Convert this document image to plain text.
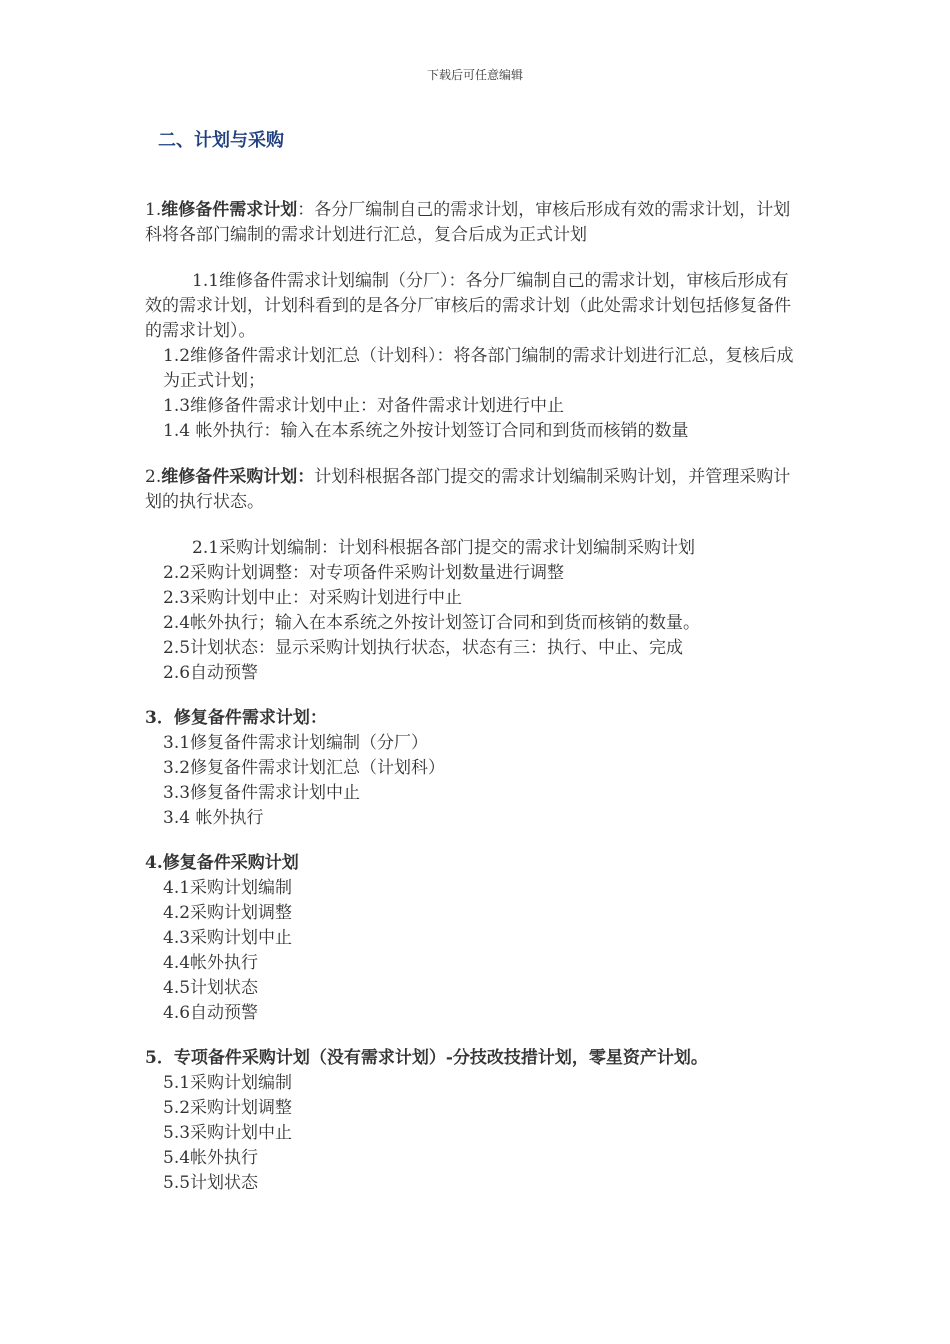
下载后可任意编辑
二、计划与采购

1.维修备件需求计划：各分厂编制自己的需求计划，审核后形成有效的需求计划，计划科将各部门编制的需求计划进行汇总，复合后成为正式计划

1.1维修备件需求计划编制（分厂）：各分厂编制自己的需求计划，审核后形成有效的需求计划，计划科看到的是各分厂审核后的需求计划（此处需求计划包括修复备件的需求计划）。

1.2维修备件需求计划汇总（计划科）：将各部门编制的需求计划进行汇总，复核后成为正式计划；

1.3维修备件需求计划中止：对备件需求计划进行中止

1.4 帐外执行：输入在本系统之外按计划签订合同和到货而核销的数量

2.维修备件采购计划：计划科根据各部门提交的需求计划编制采购计划，并管理采购计划的执行状态。

2.1采购计划编制：计划科根据各部门提交的需求计划编制采购计划

2.2采购计划调整：对专项备件采购计划数量进行调整

2.3采购计划中止：对采购计划进行中止

2.4帐外执行；输入在本系统之外按计划签订合同和到货而核销的数量。

2.5计划状态：显示采购计划执行状态，状态有三：执行、中止、完成

2.6自动预警

3．修复备件需求计划：

3.1修复备件需求计划编制（分厂）

3.2修复备件需求计划汇总（计划科）

3.3修复备件需求计划中止

3.4 帐外执行

4.修复备件采购计划

4.1采购计划编制

4.2采购计划调整

4.3采购计划中止

4.4帐外执行

4.5计划状态

4.6自动预警

5．专项备件采购计划（没有需求计划）-分技改技措计划，零星资产计划。

5.1采购计划编制

5.2采购计划调整

5.3采购计划中止

5.4帐外执行

5.5计划状态
